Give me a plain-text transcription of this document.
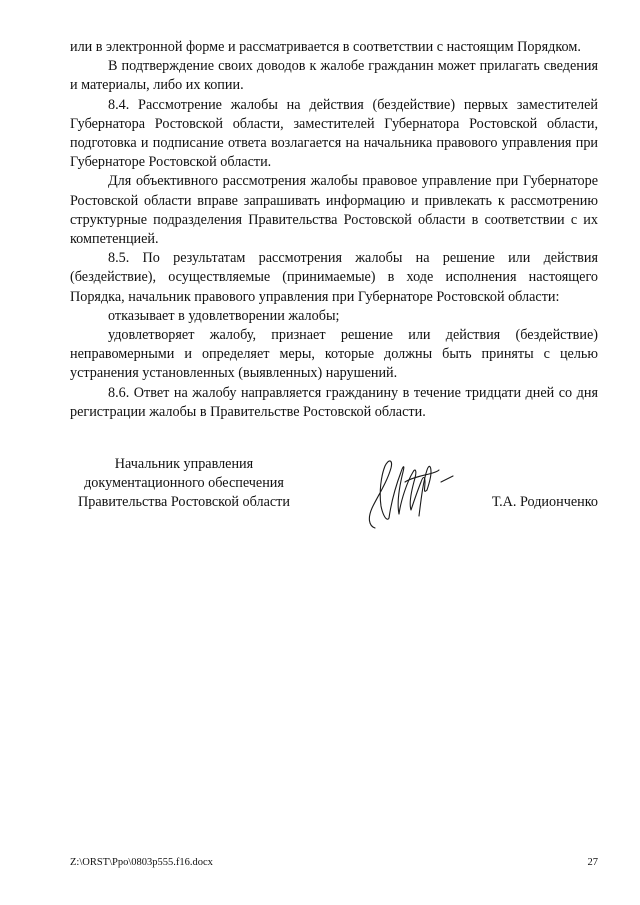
или в электронной форме и рассматривается в соответствии с настоящим Порядком.

В подтверждение своих доводов к жалобе гражданин может прилагать сведения и материалы, либо их копии.

8.4. Рассмотрение жалобы на действия (бездействие) первых заместителей Губернатора Ростовской области, заместителей Губернатора Ростовской области, подготовка и подписание ответа возлагается на начальника правового управления при Губернаторе Ростовской области.

Для объективного рассмотрения жалобы правовое управление при Губернаторе Ростовской области вправе запрашивать информацию и привлекать к рассмотрению структурные подразделения Правительства Ростовской области в соответствии с их компетенцией.

8.5. По результатам рассмотрения жалобы на решение или действия (бездействие), осуществляемые (принимаемые) в ходе исполнения настоящего Порядка, начальник правового управления при Губернаторе Ростовской области:

отказывает в удовлетворении жалобы;

удовлетворяет жалобу, признает решение или действия (бездействие) неправомерными и определяет меры, которые должны быть приняты с целью устранения установленных (выявленных) нарушений.

8.6. Ответ на жалобу направляется гражданину в течение тридцати дней со дня регистрации жалобы в Правительстве Ростовской области.

Начальник управления
документационного обеспечения
Правительства Ростовской области	Т.А. Родионченко
Z:\ORST\Ppo\0803p555.f16.docx	27
